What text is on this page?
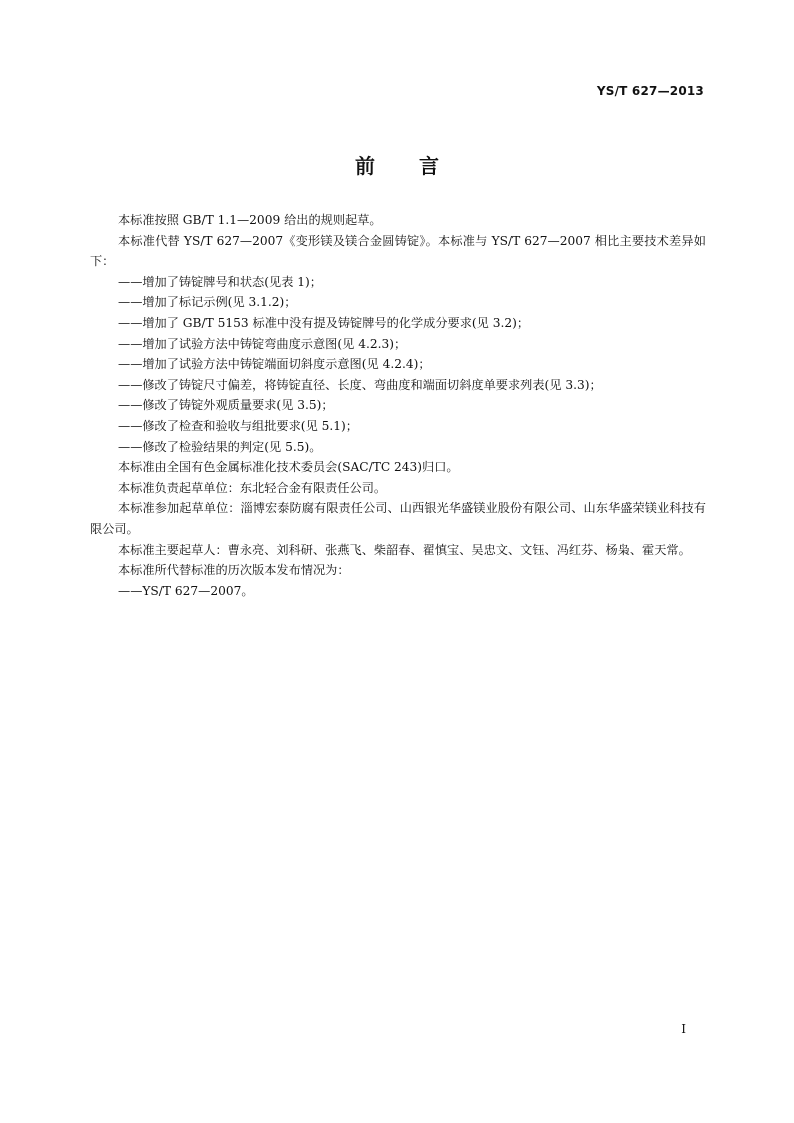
YS/T 627—2013
前言

本标准按照 GB/T 1.1—2009 给出的规则起草。

本标准代替 YS/T 627—2007《变形镁及镁合金圆铸锭》。本标准与 YS/T 627—2007 相比主要技术差异如下：

——增加了铸锭牌号和状态(见表 1)；

——增加了标记示例(见 3.1.2)；

——增加了 GB/T 5153 标准中没有提及铸锭牌号的化学成分要求(见 3.2)；

——增加了试验方法中铸锭弯曲度示意图(见 4.2.3)；

——增加了试验方法中铸锭端面切斜度示意图(见 4.2.4)；

——修改了铸锭尺寸偏差，将铸锭直径、长度、弯曲度和端面切斜度单要求列表(见 3.3)；

——修改了铸锭外观质量要求(见 3.5)；

——修改了检查和验收与组批要求(见 5.1)；

——修改了检验结果的判定(见 5.5)。

本标准由全国有色金属标准化技术委员会(SAC/TC 243)归口。

本标准负责起草单位：东北轻合金有限责任公司。

本标准参加起草单位：淄博宏泰防腐有限责任公司、山西银光华盛镁业股份有限公司、山东华盛荣镁业科技有限公司。

本标准主要起草人：曹永亮、刘科研、张燕飞、柴韶春、翟慎宝、吴忠文、文钰、冯红芬、杨枭、霍天常。

本标准所代替标准的历次版本发布情况为：

——YS/T 627—2007。

I
